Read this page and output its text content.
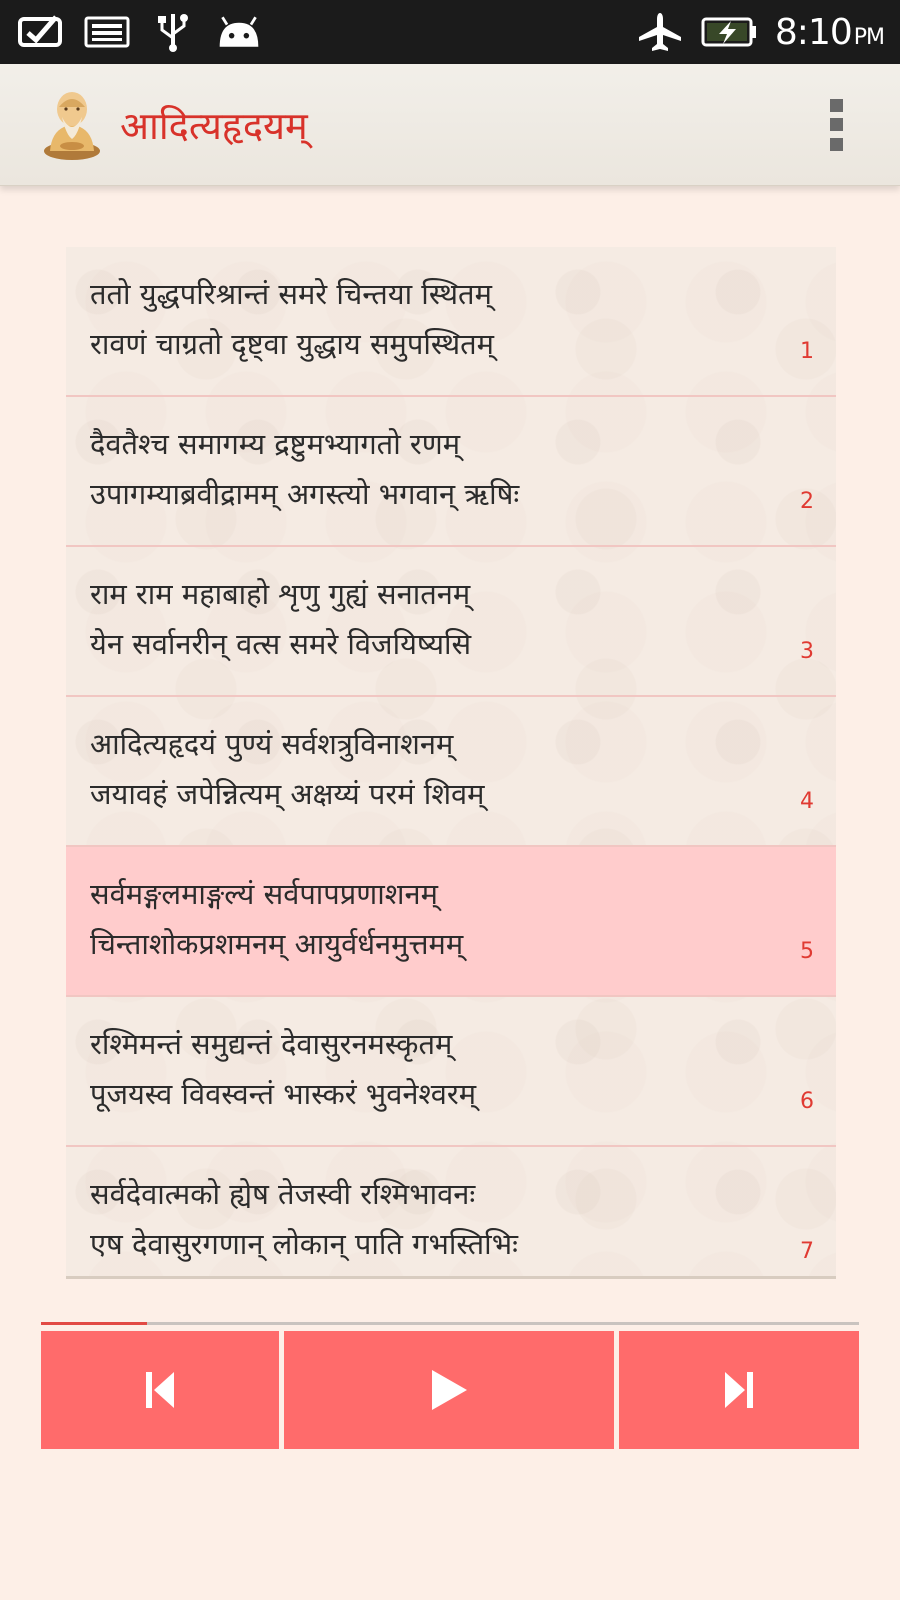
8:10PM
आदित्यहृदयम्
ततो युद्धपरिश्रान्तं समरे चिन्तया स्थितम्
रावणं चाग्रतो दृष्ट्वा युद्धाय समुपस्थितम्	1
दैवतैश्च समागम्य द्रष्टुमभ्यागतो रणम्
उपागम्याब्रवीद्रामम् अगस्त्यो भगवान् ऋषिः	2
राम राम महाबाहो शृणु गुह्यं सनातनम्
येन सर्वानरीन् वत्स समरे विजयिष्यसि	3
आदित्यहृदयं पुण्यं सर्वशत्रुविनाशनम्
जयावहं जपेन्नित्यम् अक्षय्यं परमं शिवम्	4
सर्वमङ्गलमाङ्गल्यं सर्वपापप्रणाशनम्
चिन्ताशोकप्रशमनम् आयुर्वर्धनमुत्तमम्	5
रश्मिमन्तं समुद्यन्तं देवासुरनमस्कृतम्
पूजयस्व विवस्वन्तं भास्करं भुवनेश्वरम्	6
सर्वदेवात्मको ह्येष तेजस्वी रश्मिभावनः
एष देवासुरगणान् लोकान् पाति गभस्तिभिः	7
